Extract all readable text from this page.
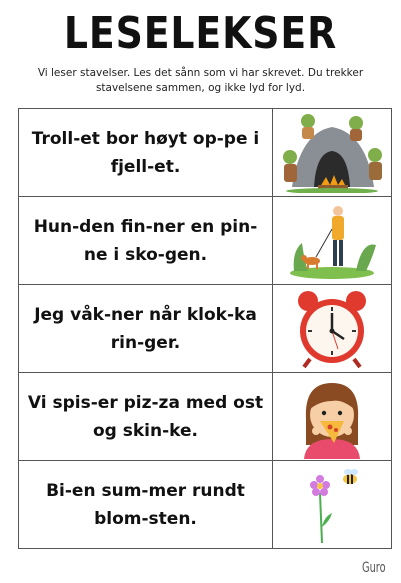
LESELEKSER
Vi leser stavelser. Les det sånn som vi har skrevet. Du trekker stavelsene sammen, og ikke lyd for lyd.
Troll-et bor høyt op-pe i fjell-et.
Hun-den fin-ner en pin-ne i sko-gen.
Jeg våk-ner når klok-ka rin-ger.
Vi spis-er piz-za med ost og skin-ke.
Bi-en sum-mer rundt blom-sten.
Guro
